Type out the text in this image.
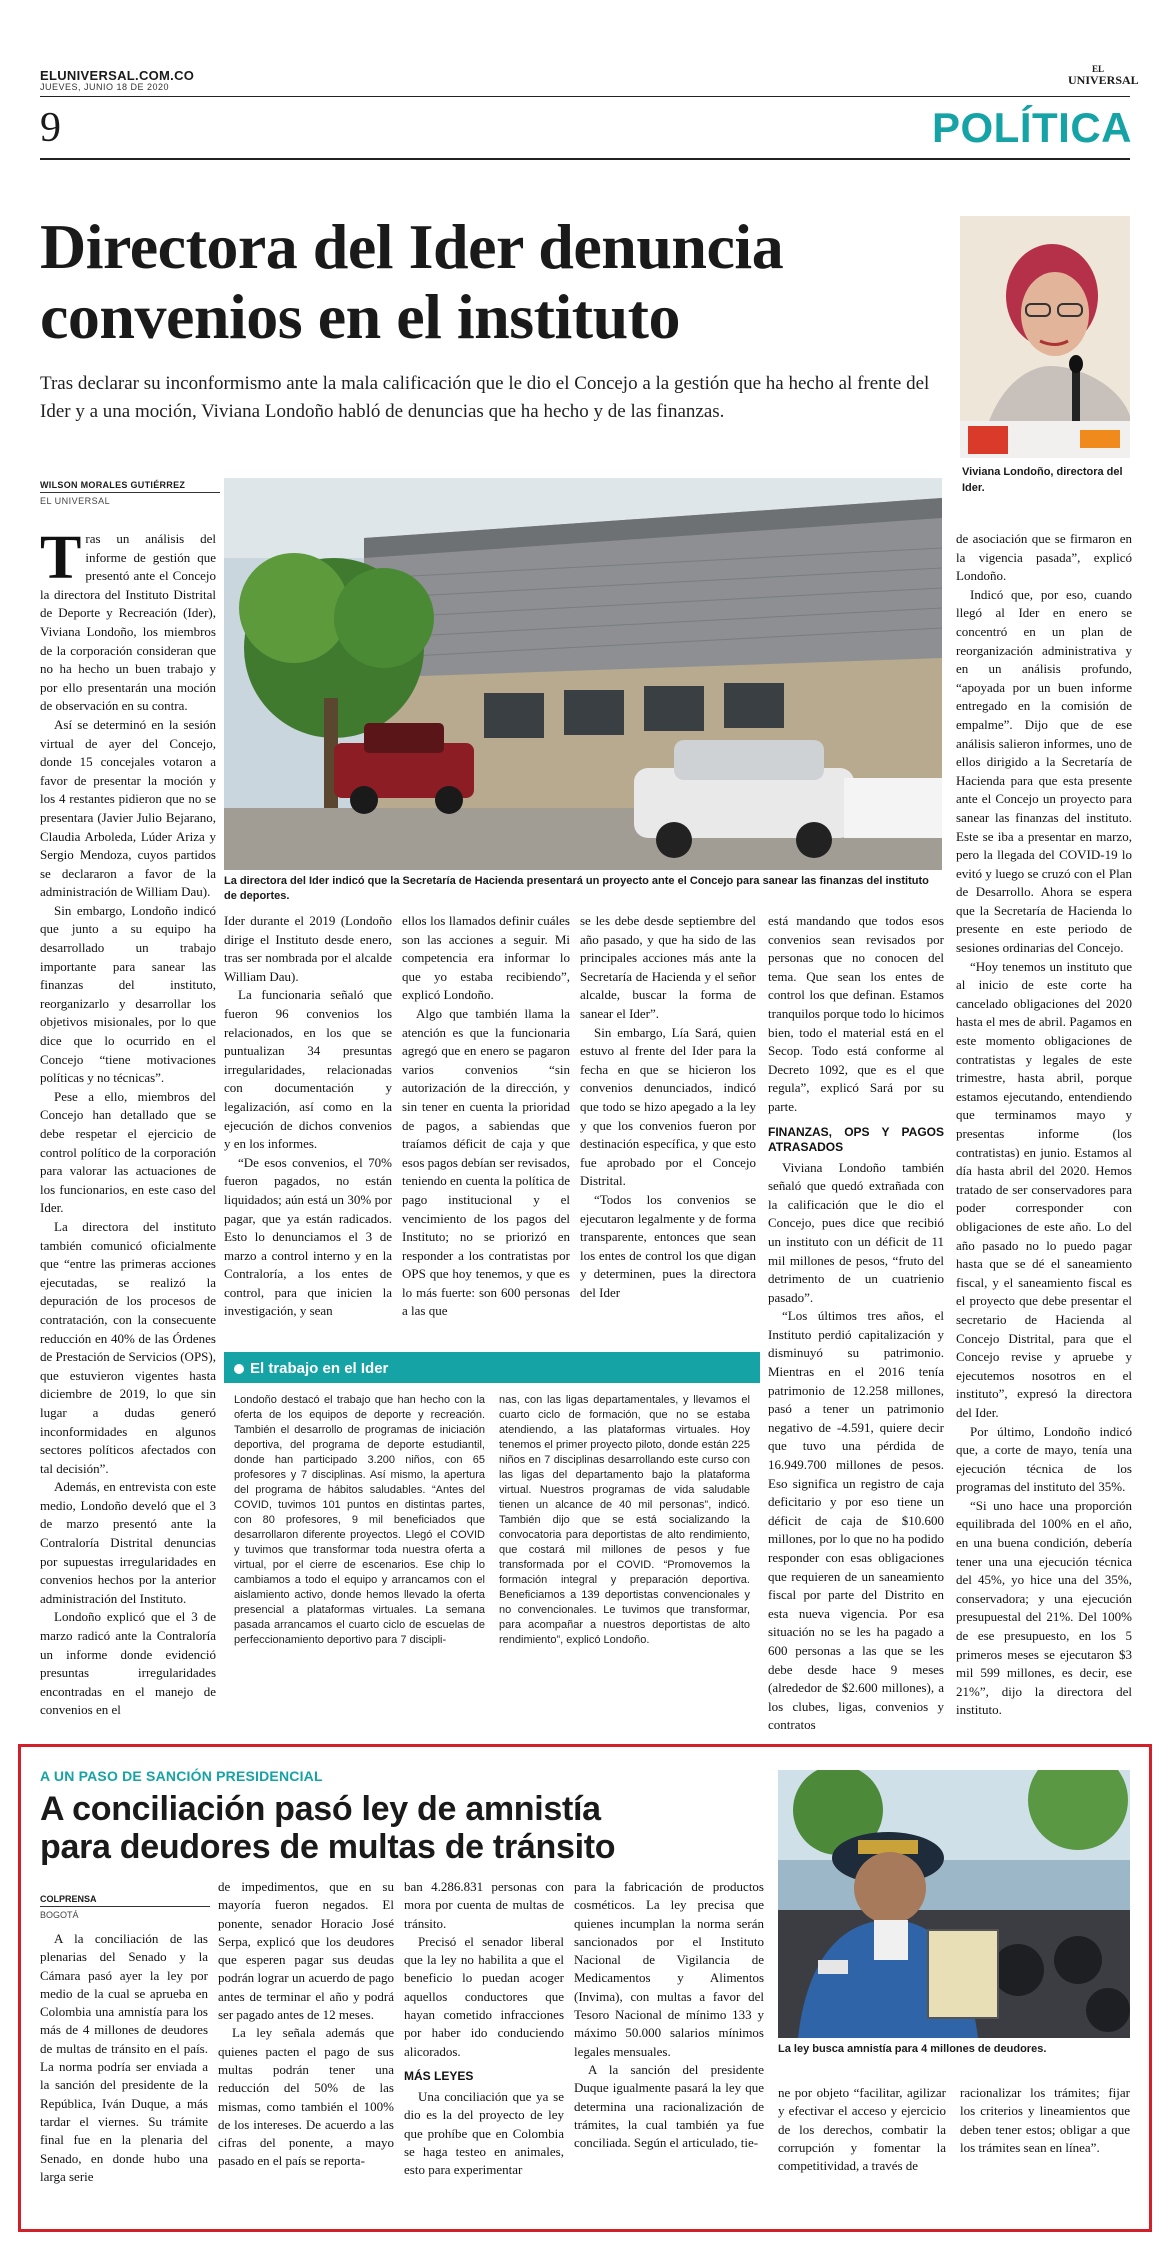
ELUNIVERSAL.COM.CO
JUEVES, JUNIO 18 DE 2020
EL
UNIVERSAL
9	POLÍTICA
Directora del Ider denuncia
convenios en el instituto

Tras declarar su inconformismo ante la mala calificación que le dio el Concejo a la gestión que ha hecho al frente del Ider y a una moción, Viviana Londoño habló de denuncias que ha hecho y de las finanzas.

Viviana Londoño, directora del Ider.
WILSON MORALES GUTIÉRREZ
EL UNIVERSAL

Tras un análisis del informe de gestión que presentó ante el Concejo la directora del Instituto Distrital de Deporte y Recreación (Ider), Viviana Londoño, los miembros de la corporación consideran que no ha hecho un buen trabajo y por ello presentarán una moción de observación en su contra.

Así se determinó en la sesión virtual de ayer del Concejo, donde 15 concejales votaron a favor de presentar la moción y los 4 restantes pidieron que no se presentara (Javier Julio Bejarano, Claudia Arboleda, Lúder Ariza y Sergio Mendoza, cuyos partidos se declararon a favor de la administración de William Dau).

Sin embargo, Londoño indicó que junto a su equipo ha desarrollado un trabajo importante para sanear las finanzas del instituto, reorganizarlo y desarrollar los objetivos misionales, por lo que dice que lo ocurrido en el Concejo “tiene motivaciones políticas y no técnicas”.

Pese a ello, miembros del Concejo han detallado que se debe respetar el ejercicio de control político de la corporación para valorar las actuaciones de los funcionarios, en este caso del Ider.

La directora del instituto también comunicó oficialmente que “entre las primeras acciones ejecutadas, se realizó la depuración de los procesos de contratación, con la consecuente reducción en 40% de las Órdenes de Prestación de Servicios (OPS), que estuvieron vigentes hasta diciembre de 2019, lo que sin lugar a dudas generó inconformidades en algunos sectores políticos afectados con tal decisión”.

Además, en entrevista con este medio, Londoño develó que el 3 de marzo presentó ante la Contraloría Distrital denuncias por supuestas irregularidades en convenios hechos por la anterior administración del Instituto.

Londoño explicó que el 3 de marzo radicó ante la Contraloría un informe donde evidenció presuntas irregularidades encontradas en el manejo de convenios en el

La directora del Ider indicó que la Secretaría de Hacienda presentará un proyecto ante el Concejo para sanear las finanzas del instituto de deportes.

Ider durante el 2019 (Londoño dirige el Instituto desde enero, tras ser nombrada por el alcalde William Dau).

La funcionaria señaló que fueron 96 convenios los relacionados, en los que se puntualizan 34 presuntas irregularidades, relacionadas con documentación y legalización, así como en la ejecución de dichos convenios y en los informes.

“De esos convenios, el 70% fueron pagados, no están liquidados; aún está un 30% por pagar, que ya están radicados. Esto lo denunciamos el 3 de marzo a control interno y en la Contraloría, a los entes de control, para que inicien la investigación, y sean

ellos los llamados definir cuáles son las acciones a seguir. Mi competencia era informar lo que yo estaba recibiendo”, explicó Londoño.

Algo que también llama la atención es que la funcionaria agregó que en enero se pagaron varios convenios “sin autorización de la dirección, y sin tener en cuenta la prioridad de pagos, a sabiendas que traíamos déficit de caja y que esos pagos debían ser revisados, teniendo en cuenta la política de pago institucional y el vencimiento de los pagos del Instituto; no se priorizó en responder a los contratistas por OPS que hoy tenemos, y que es lo más fuerte: son 600 personas a las que

se les debe desde septiembre del año pasado, y que ha sido de las principales acciones más ante la Secretaría de Hacienda y el señor alcalde, buscar la forma de sanear el Ider”.

Sin embargo, Lía Sará, quien estuvo al frente del Ider para la fecha en que se hicieron los convenios denunciados, indicó que todo se hizo apegado a la ley y que los convenios fueron por destinación específica, y que esto fue aprobado por el Concejo Distrital.

“Todos los convenios se ejecutaron legalmente y de forma transparente, entonces que sean los entes de control los que digan y determinen, pues la directora del Ider

está mandando que todos esos convenios sean revisados por personas que no conocen del tema. Que sean los entes de control los que definan. Estamos tranquilos porque todo lo hicimos bien, todo el material está en el Secop. Todo está conforme al Decreto 1092, que es el que regula”, explicó Sará por su parte.

FINANZAS, OPS Y PAGOS ATRASADOS

Viviana Londoño también señaló que quedó extrañada con la calificación que le dio el Concejo, pues dice que recibió un instituto con un déficit de 11 mil millones de pesos, “fruto del detrimento de un cuatrienio pasado”.

“Los últimos tres años, el Instituto perdió capitalización y disminuyó su patrimonio. Mientras en el 2016 tenía patrimonio de 12.258 millones, pasó a tener un patrimonio negativo de -4.591, quiere decir que tuvo una pérdida de 16.949.700 millones de pesos. Eso significa un registro de caja deficitario y por eso tiene un déficit de caja de $10.600 millones, por lo que no ha podido responder con esas obligaciones que requieren de un saneamiento fiscal por parte del Distrito en esta nueva vigencia. Por esa situación no se les ha pagado a 600 personas a las que se les debe desde hace 9 meses (alrededor de $2.600 millones), a los clubes, ligas, convenios y contratos

de asociación que se firmaron en la vigencia pasada”, explicó Londoño.

Indicó que, por eso, cuando llegó al Ider en enero se concentró en un plan de reorganización administrativa y en un análisis profundo, “apoyada por un buen informe entregado en la comisión de empalme”. Dijo que de ese análisis salieron informes, uno de ellos dirigido a la Secretaría de Hacienda para que esta presente ante el Concejo un proyecto para sanear las finanzas del instituto. Este se iba a presentar en marzo, pero la llegada del COVID-19 lo evitó y luego se cruzó con el Plan de Desarrollo. Ahora se espera que la Secretaría de Hacienda lo presente en este periodo de sesiones ordinarias del Concejo.

“Hoy tenemos un instituto que al inicio de este corte ha cancelado obligaciones del 2020 hasta el mes de abril. Pagamos en este momento obligaciones de contratistas y legales de este trimestre, hasta abril, porque estamos ejecutando, entendiendo que terminamos mayo y presentas informe (los contratistas) en junio. Estamos al día hasta abril del 2020. Hemos tratado de ser conservadores para poder corresponder con obligaciones de este año. Lo del año pasado no lo puedo pagar hasta que se dé el saneamiento fiscal, y el saneamiento fiscal es el proyecto que debe presentar el secretario de Hacienda al Concejo Distrital, para que el Concejo revise y apruebe y ejecutemos nosotros en el instituto”, expresó la directora del Ider.

Por último, Londoño indicó que, a corte de mayo, tenía una ejecución técnica de los programas del instituto del 35%.

“Si uno hace una proporción equilibrada del 100% en el año, en una buena condición, debería tener una una ejecución técnica del 45%, yo hice una del 35%, conservadora; y una ejecución presupuestal del 21%. Del 100% de ese presupuesto, en los 5 primeros meses se ejecutaron $3 mil 599 millones, es decir, ese 21%”, dijo la directora del instituto.

El trabajo en el Ider

Londoño destacó el trabajo que han hecho con la oferta de los equipos de deporte y recreación. También el desarrollo de programas de iniciación deportiva, del programa de deporte estudiantil, donde han participado 3.200 niños, con 65 profesores y 7 disciplinas. Así mismo, la apertura del programa de hábitos saludables. “Antes del COVID, tuvimos 101 puntos en distintas partes, con 80 profesores, 9 mil beneficiados que desarrollaron diferente proyectos. Llegó el COVID y tuvimos que transformar toda nuestra oferta a virtual, por el cierre de escenarios. Ese chip lo cambiamos a todo el equipo y arrancamos con el aislamiento activo, donde hemos llevado la oferta presencial a plataformas virtuales. La semana pasada arrancamos el cuarto ciclo de escuelas de perfeccionamiento deportivo para 7 discipli-

nas, con las ligas departamentales, y llevamos el cuarto ciclo de formación, que no se estaba atendiendo, a las plataformas virtuales. Hoy tenemos el primer proyecto piloto, donde están 225 niños en 7 disciplinas desarrollando este curso con las ligas del departamento bajo la plataforma virtual. Nuestros programas de vida saludable tienen un alcance de 40 mil personas”, indicó. También dijo que se está socializando la convocatoria para deportistas de alto rendimiento, que costará mil millones de pesos y fue transformada por el COVID. “Promovemos la formación integral y preparación deportiva. Beneficiamos a 139 deportistas convencionales y no convencionales. Le tuvimos que transformar, para acompañar a nuestros deportistas de alto rendimiento”, explicó Londoño.

A UN PASO DE SANCIÓN PRESIDENCIAL
A conciliación pasó ley de amnistía
para deudores de multas de tránsito
COLPRENSA
BOGOTÁ
La ley busca amnistía para 4 millones de deudores.

A la conciliación de las plenarias del Senado y la Cámara pasó ayer la ley por medio de la cual se aprueba en Colombia una amnistía para los más de 4 millones de deudores de multas de tránsito en el país. La norma podría ser enviada a la sanción del presidente de la República, Iván Duque, a más tardar el viernes. Su trámite final fue en la plenaria del Senado, en donde hubo una larga serie

de impedimentos, que en su mayoría fueron negados. El ponente, senador Horacio José Serpa, explicó que los deudores que esperen pagar sus deudas podrán lograr un acuerdo de pago antes de terminar el año y podrá ser pagado antes de 12 meses.

La ley señala además que quienes pacten el pago de sus multas podrán tener una reducción del 50% de las mismas, como también el 100% de los intereses. De acuerdo a las cifras del ponente, a mayo pasado en el país se reporta-

ban 4.286.831 personas con mora por cuenta de multas de tránsito.

Precisó el senador liberal que la ley no habilita a que el beneficio lo puedan acoger aquellos conductores que hayan cometido infracciones por haber ido conduciendo alicorados.

MÁS LEYES

Una conciliación que ya se dio es la del proyecto de ley que prohíbe que en Colombia se haga testeo en animales, esto para experimentar

para la fabricación de productos cosméticos. La ley precisa que quienes incumplan la norma serán sancionados por el Instituto Nacional de Vigilancia de Medicamentos y Alimentos (Invima), con multas a favor del Tesoro Nacional de mínimo 133 y máximo 50.000 salarios mínimos legales mensuales.

A la sanción del presidente Duque igualmente pasará la ley que determina una racionalización de trámites, la cual también ya fue conciliada. Según el articulado, tie-

ne por objeto “facilitar, agilizar y efectivar el acceso y ejercicio de los derechos, combatir la corrupción y fomentar la competitividad, a través de

racionalizar los trámites; fijar los criterios y lineamientos que deben tener estos; obligar a que los trámites sean en línea”.
